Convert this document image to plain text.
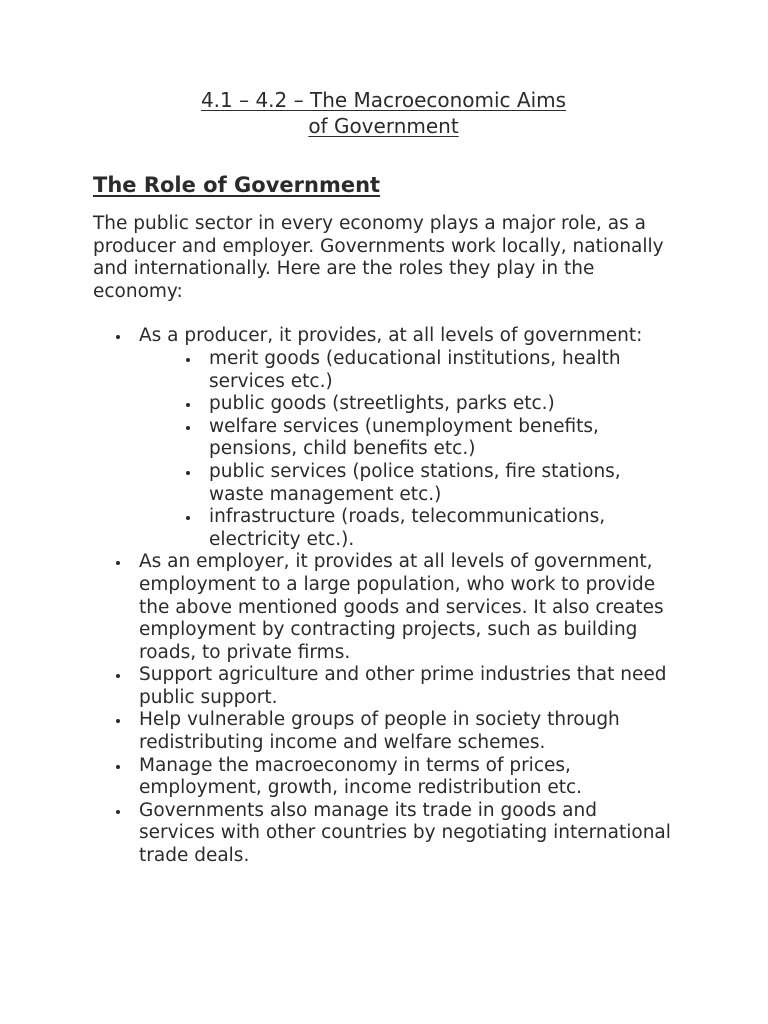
4.1 – 4.2 – The Macroeconomic Aims
of Government
The Role of Government

The public sector in every economy plays a major role, as a producer and employer. Governments work locally, nationally and internationally. Here are the roles they play in the economy:

As a producer, it provides, at all levels of government:
merit goods (educational institutions, health services etc.)
public goods (streetlights, parks etc.)
welfare services (unemployment benefits, pensions, child benefits etc.)
public services (police stations, fire stations, waste management etc.)
infrastructure (roads, telecommunications, electricity etc.).
As an employer, it provides at all levels of government, employment to a large population, who work to provide the above mentioned goods and services. It also creates employment by contracting projects, such as building roads, to private firms.
Support agriculture and other prime industries that need public support.
Help vulnerable groups of people in society through redistributing income and welfare schemes.
Manage the macroeconomy in terms of prices, employment, growth, income redistribution etc.
Governments also manage its trade in goods and services with other countries by negotiating international trade deals.
